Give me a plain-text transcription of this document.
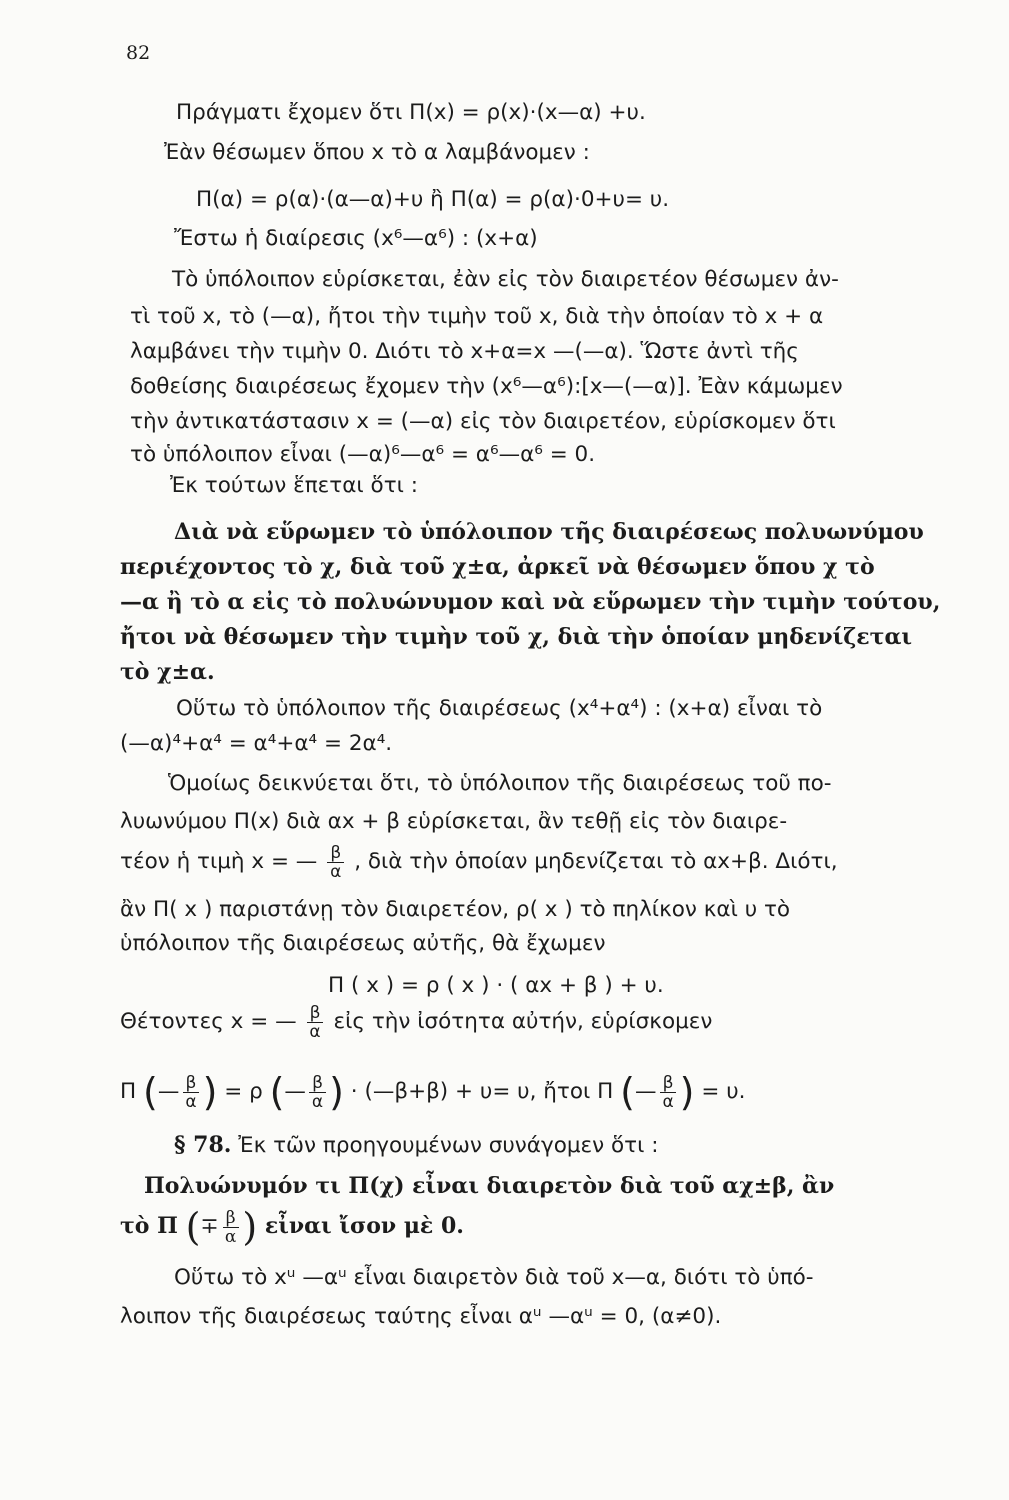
82
Πράγματι ἔχομεν ὅτι Π(x) = ρ(x)·(x—α) +υ.
Ἐὰν θέσωμεν ὅπου x τὸ α λαμβάνομεν :
Π(α) = ρ(α)·(α—α)+υ ἢ Π(α) = ρ(α)·0+υ= υ.
Ἔστω ἡ διαίρεσις (x⁶—α⁶) : (x+α)
Τὸ ὑπόλοιπον εὑρίσκεται, ἐὰν εἰς τὸν διαιρετέον θέσωμεν ἀν-
τὶ τοῦ x, τὸ (—α), ἤτοι τὴν τιμὴν τοῦ x, διὰ τὴν ὁποίαν τὸ x + α
λαμβάνει τὴν τιμὴν 0. Διότι τὸ x+α=x —(—α). Ὥστε ἀντὶ τῆς
δοθείσης διαιρέσεως ἔχομεν τὴν (x⁶—α⁶):[x—(—α)]. Ἐὰν κάμωμεν
τὴν ἀντικατάστασιν x = (—α) εἰς τὸν διαιρετέον, εὑρίσκομεν ὅτι
τὸ ὑπόλοιπον εἶναι (—α)⁶—α⁶ = α⁶—α⁶ = 0.
Ἐκ τούτων ἕπεται ὅτι :
Διὰ νὰ εὕρωμεν τὸ ὑπόλοιπον τῆς διαιρέσεως πολυωνύμου
περιέχοντος τὸ χ, διὰ τοῦ χ±α, ἀρκεῖ νὰ θέσωμεν ὅπου χ τὸ
—α ἢ τὸ α εἰς τὸ πολυώνυμον καὶ νὰ εὕρωμεν τὴν τιμὴν τούτου,
ἤτοι νὰ θέσωμεν τὴν τιμὴν τοῦ χ, διὰ τὴν ὁποίαν μηδενίζεται
τὸ χ±α.
Οὕτω τὸ ὑπόλοιπον τῆς διαιρέσεως (x⁴+α⁴) : (x+α) εἶναι τὸ
(—α)⁴+α⁴ = α⁴+α⁴ = 2α⁴.
Ὁμοίως δεικνύεται ὅτι, τὸ ὑπόλοιπον τῆς διαιρέσεως τοῦ πο-
λυωνύμου Π(x) διὰ αx + β εὑρίσκεται, ἂν τεθῇ εἰς τὸν διαιρε-
τέον ἡ τιμὴ x = — $\frac{\beta}{\alpha}$ , διὰ τὴν ὁποίαν μηδενίζεται τὸ αx+β. Διότι,
ἂν Π( x ) παριστάνῃ τὸν διαιρετέον, ρ( x ) τὸ πηλίκον καὶ υ τὸ
ὑπόλοιπον τῆς διαιρέσεως αὐτῆς, θὰ ἔχωμεν
Π ( x ) = ρ ( x ) · ( αx + β ) + υ.
Θέτοντες x = — $\frac{\beta}{\alpha}$ εἰς τὴν ἰσότητα αὐτήν, εὑρίσκομεν
Π (— $\frac{\beta}{\alpha}$ ) = ρ (— $\frac{\beta}{\alpha}$ ) · (—β+β) + υ= υ, ἤτοι Π (— $\frac{\beta}{\alpha}$ ) = υ.
§ 78. Ἐκ τῶν προηγουμένων συνάγομεν ὅτι :
Πολυώνυμόν τι Π(χ) εἶναι διαιρετὸν διὰ τοῦ αχ±β, ἂν
τὸ Π (∓ $\frac{\beta}{\alpha}$ ) εἶναι ἴσον μὲ 0.
Οὕτω τὸ xᵘ —αᵘ εἶναι διαιρετὸν διὰ τοῦ x—α, διότι τὸ ὑπό-
λοιπον τῆς διαιρέσεως ταύτης εἶναι αᵘ —αᵘ = 0, (α≠0).
